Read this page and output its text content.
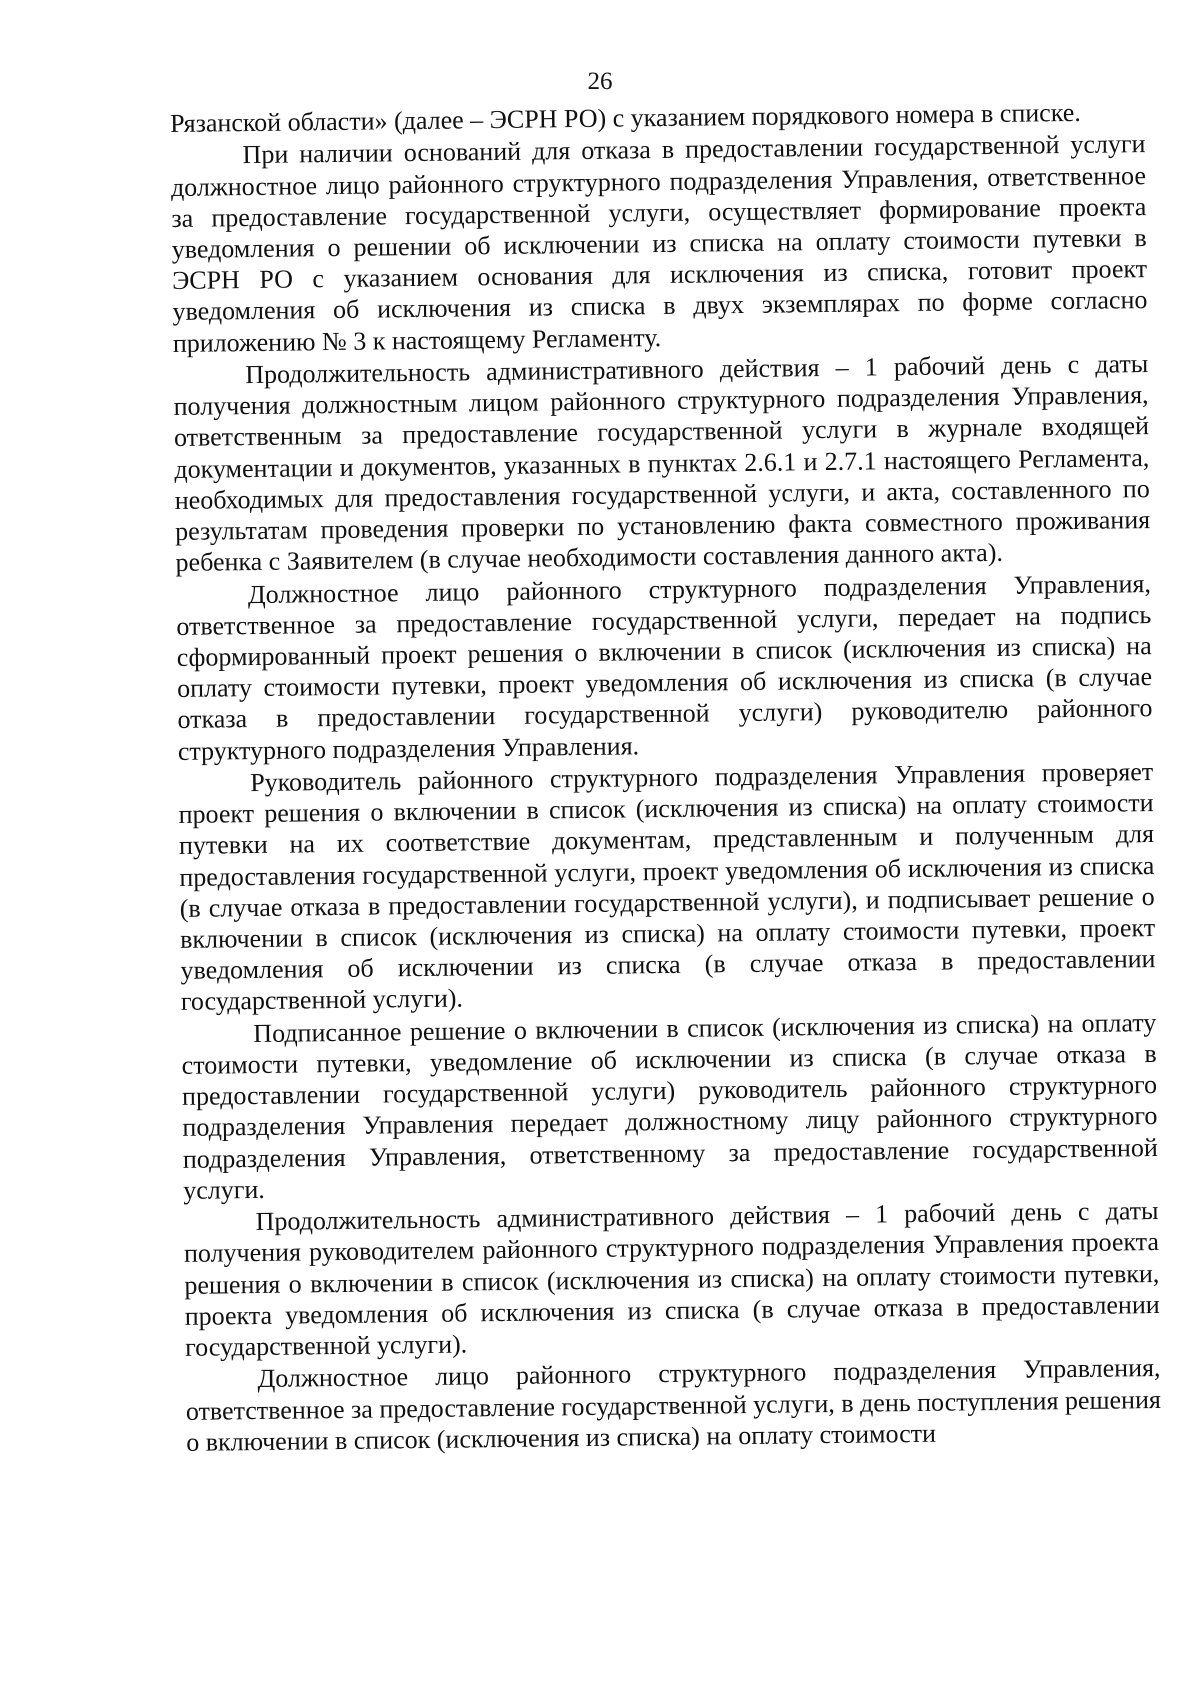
26

Рязанской области» (далее – ЭСРН РО) с указанием порядкового номера в списке.

При наличии оснований для отказа в предоставлении государственной услуги должностное лицо районного структурного подразделения Управления, ответственное за предоставление государственной услуги, осуществляет формирование проекта уведомления о решении об исключении из списка на оплату стоимости путевки в ЭСРН РО с указанием основания для исключения из списка, готовит проект уведомления об исключения из списка в двух экземплярах по форме согласно приложению № 3 к настоящему Регламенту.

Продолжительность административного действия – 1 рабочий день с даты получения должностным лицом районного структурного подразделения Управления, ответственным за предоставление государственной услуги в журнале входящей документации и документов, указанных в пунктах 2.6.1 и 2.7.1 настоящего Регламента, необходимых для предоставления государственной услуги, и акта, составленного по результатам проведения проверки по установлению факта совместного проживания ребенка с Заявителем (в случае необходимости составления данного акта).

Должностное лицо районного структурного подразделения Управления, ответственное за предоставление государственной услуги, передает на подпись сформированный проект решения о включении в список (исключения из списка) на оплату стоимости путевки, проект уведомления об исключения из списка (в случае отказа в предоставлении государственной услуги) руководителю районного структурного подразделения Управления.

Руководитель районного структурного подразделения Управления проверяет проект решения о включении в список (исключения из списка) на оплату стоимости путевки на их соответствие документам, представленным и полученным для предоставления государственной услуги, проект уведомления об исключения из списка (в случае отказа в предоставлении государственной услуги), и подписывает решение о включении в список (исключения из списка) на оплату стоимости путевки, проект уведомления об исключении из списка (в случае отказа в предоставлении государственной услуги).

Подписанное решение о включении в список (исключения из списка) на оплату стоимости путевки, уведомление об исключении из списка (в случае отказа в предоставлении государственной услуги) руководитель районного структурного подразделения Управления передает должностному лицу районного структурного подразделения Управления, ответственному за предоставление государственной услуги.

Продолжительность административного действия – 1 рабочий день с даты получения руководителем районного структурного подразделения Управления проекта решения о включении в список (исключения из списка) на оплату стоимости путевки, проекта уведомления об исключения из списка (в случае отказа в предоставлении государственной услуги).

Должностное лицо районного структурного подразделения Управления, ответственное за предоставление государственной услуги, в день поступления решения о включении в список (исключения из списка) на оплату стоимости
